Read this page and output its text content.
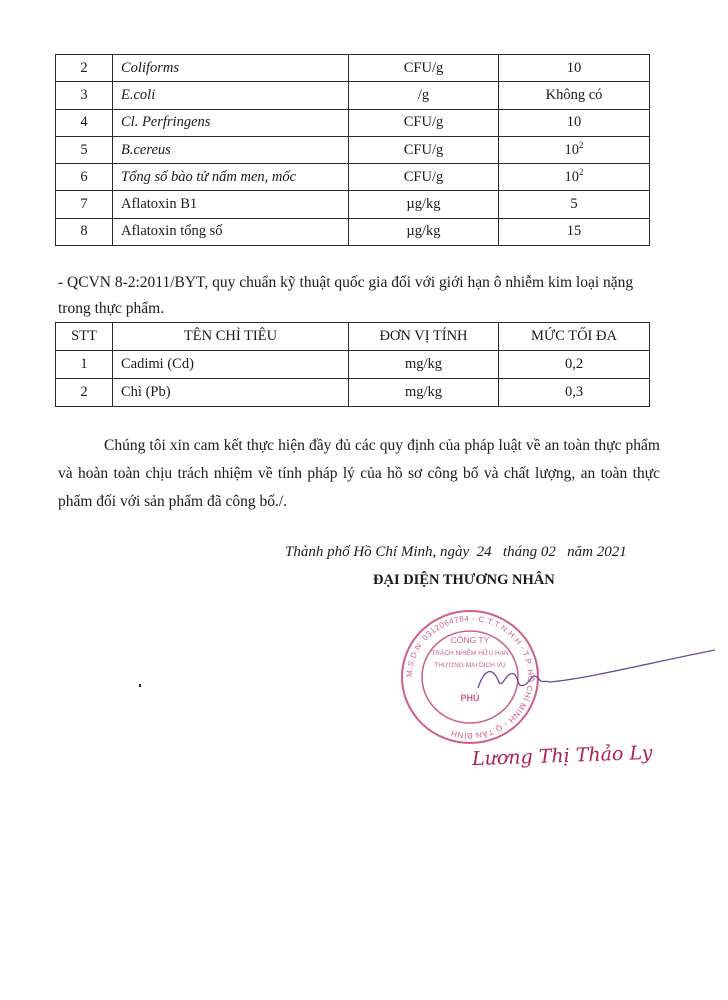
2	Coliforms	CFU/g	10
3	E.coli	/g	Không có
4	Cl. Perfringens	CFU/g	10
5	B.cereus	CFU/g	$10^2$
6	Tổng số bào tử nấm men, mốc	CFU/g	$10^2$
7	Aflatoxin B1	µg/kg	5
8	Aflatoxin tổng số	µg/kg	15
- QCVN 8-2:2011/BYT, quy chuẩn kỹ thuật quốc gia đối với giới hạn ô nhiễm kim loại nặng trong thực phẩm.
STT	TÊN CHỈ TIÊU	ĐƠN VỊ TÍNH	MỨC TỐI ĐA
1	Cadimi (Cd)	mg/kg	0,2
2	Chì (Pb)	mg/kg	0,3
Chúng tôi xin cam kết thực hiện đầy đủ các quy định của pháp luật về an toàn thực phẩm và hoàn toàn chịu trách nhiệm về tính pháp lý của hồ sơ công bố và chất lượng, an toàn thực phẩm đối với sản phẩm đã công bố./.
Thành phố Hồ Chí Minh, ngày 24 tháng 02 năm 2021
ĐẠI DIỆN THƯƠNG NHÂN
M.S.D.N: 0312064784 - C.T.T.N.H.H - T.P. HỒ CHÍ MINH - Q.TÂN BÌNH
CÔNG TY
TRÁCH NHIỆM HỮU HẠN
THƯƠNG MẠI DỊCH VỤ
PHÚ
Lương Thị Thảo Ly
